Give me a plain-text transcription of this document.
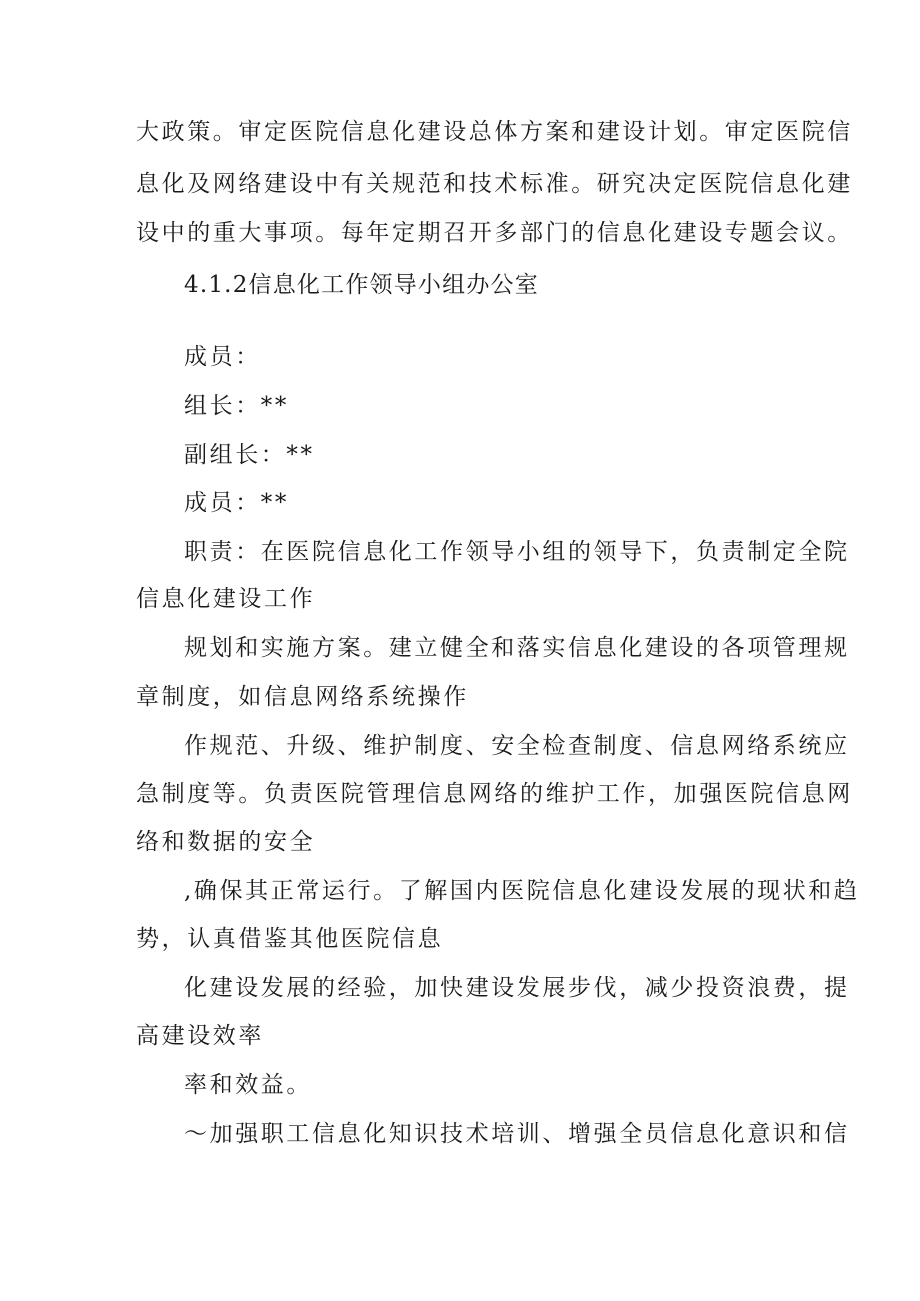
大政策。审定医院信息化建设总体方案和建设计划。审定医院信
息化及网络建设中有关规范和技术标准。研究决定医院信息化建
设中的重大事项。每年定期召开多部门的信息化建设专题会议。
4.1.2信息化工作领导小组办公室
成员：
组长：**
副组长：**
成员：**
职责：在医院信息化工作领导小组的领导下，负责制定全院
信息化建设工作
规划和实施方案。建立健全和落实信息化建设的各项管理规
章制度，如信息网络系统操作
作规范、升级、维护制度、安全检查制度、信息网络系统应
急制度等。负责医院管理信息网络的维护工作，加强医院信息网
络和数据的安全
,确保其正常运行。了解国内医院信息化建设发展的现状和趋
势，认真借鉴其他医院信息
化建设发展的经验，加快建设发展步伐，减少投资浪费，提
高建设效率
率和效益。
〜加强职工信息化知识技术培训、增强全员信息化意识和信
